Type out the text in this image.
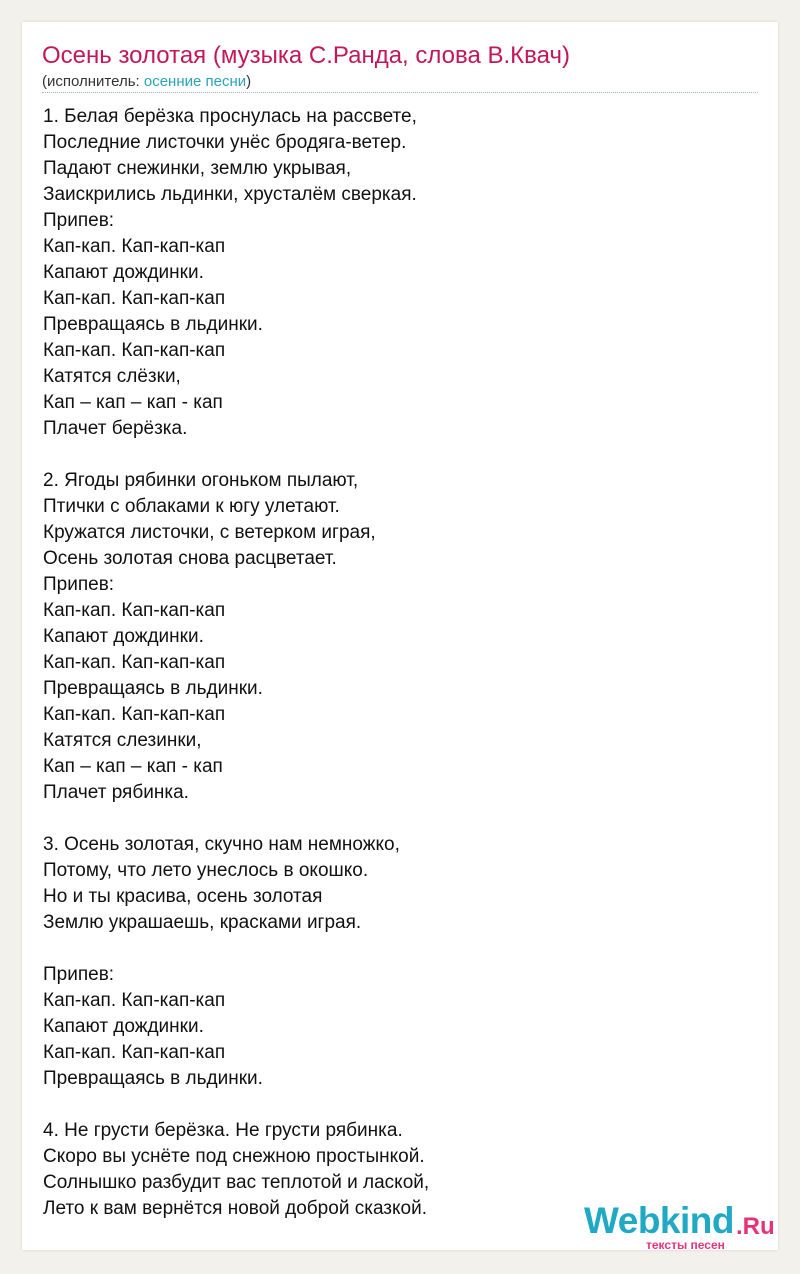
Осень золотая (музыка С.Ранда, слова В.Квач)
(исполнитель: осенние песни)
1. Белая берёзка проснулась на рассвете,
Последние листочки унёс бродяга-ветер.
Падают снежинки, землю укрывая,
Заискрились льдинки, хрусталём сверкая.
Припев:
Кап-кап. Кап-кап-кап
Капают дождинки.
Кап-кап. Кап-кап-кап
Превращаясь в льдинки.
Кап-кап. Кап-кап-кап
Катятся слёзки,
Кап – кап – кап - кап
Плачет берёзка.
2. Ягоды рябинки огоньком пылают,
Птички с облаками к югу улетают.
Кружатся листочки, с ветерком играя,
Осень золотая снова расцветает.
Припев:
Кап-кап. Кап-кап-кап
Капают дождинки.
Кап-кап. Кап-кап-кап
Превращаясь в льдинки.
Кап-кап. Кап-кап-кап
Катятся слезинки,
Кап – кап – кап - кап
Плачет рябинка.
3. Осень золотая, скучно нам немножко,
Потому, что лето унеслось в окошко.
Но и ты красива, осень золотая
Землю украшаешь, красками играя.
Припев:
Кап-кап. Кап-кап-кап
Капают дождинки.
Кап-кап. Кап-кап-кап
Превращаясь в льдинки.
4. Не грусти берёзка. Не грусти рябинка.
Скоро вы уснёте под снежною простынкой.
Солнышко разбудит вас теплотой и лаской,
Лето к вам вернётся новой доброй сказкой.	Webkind .Ru
тексты песен
